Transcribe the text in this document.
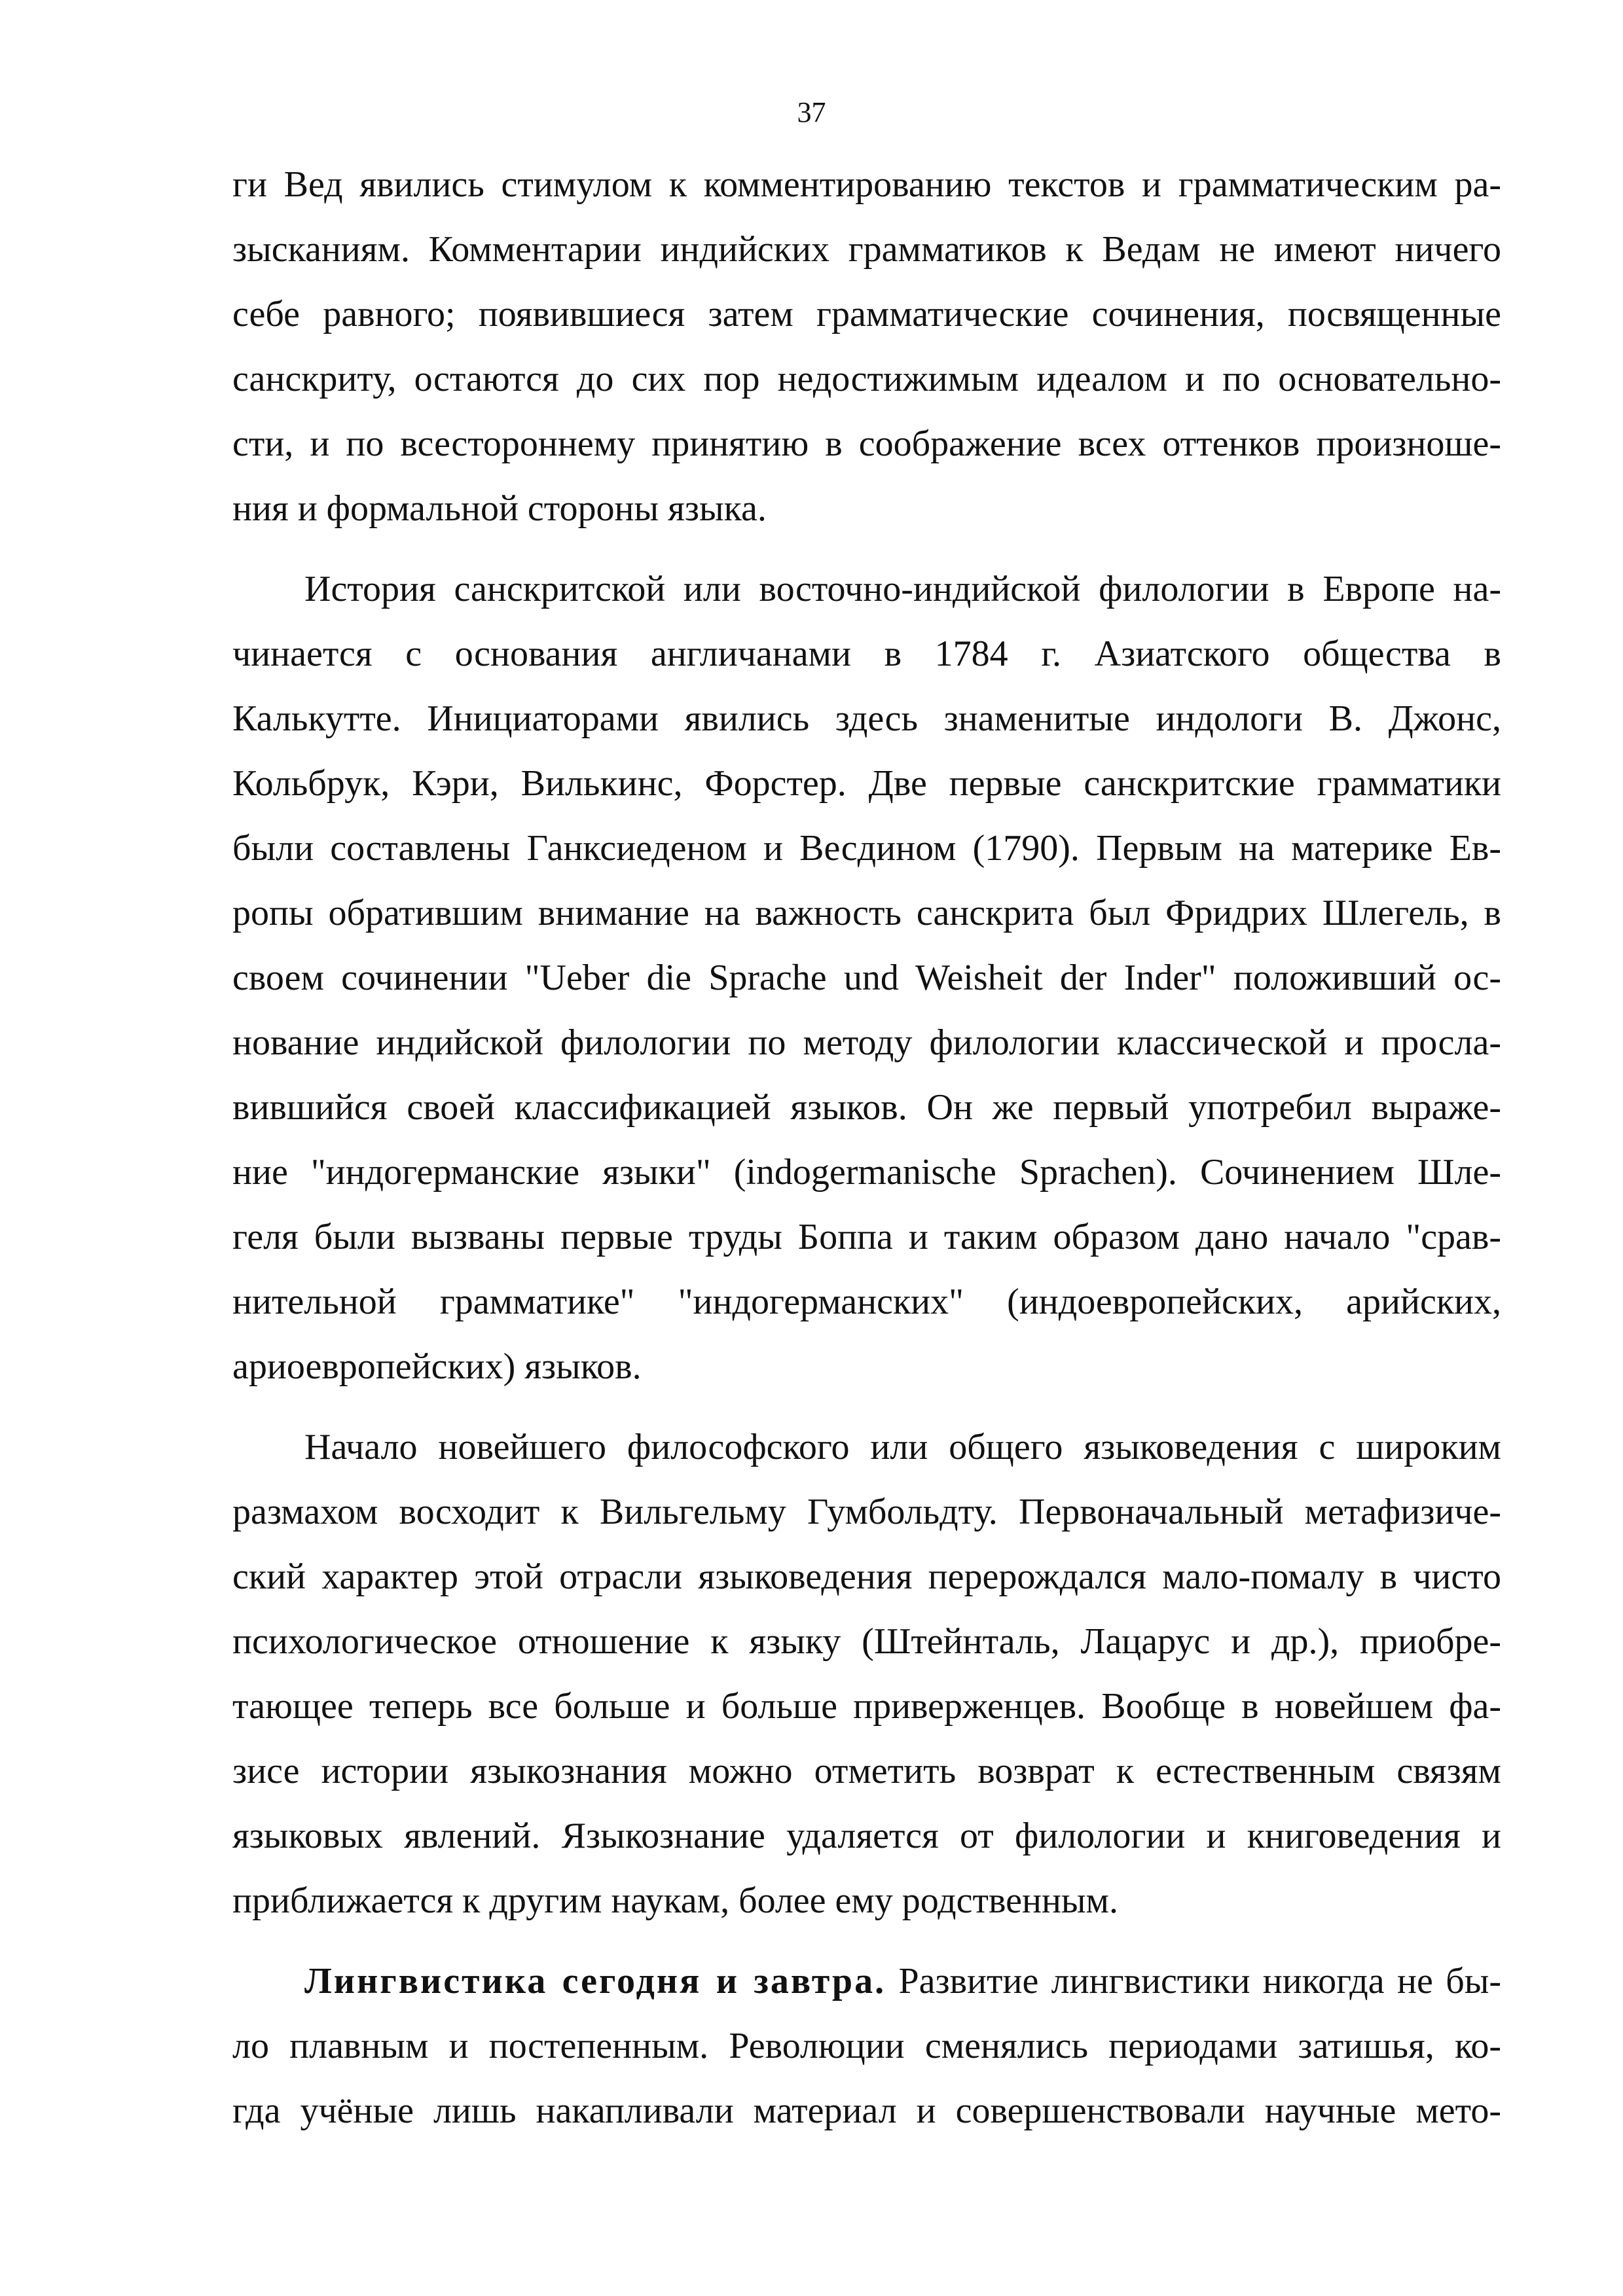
37
ги Вед явились стимулом к комментированию текстов и грамматическим ра-
зысканиям. Комментарии индийских грамматиков к Ведам не имеют ничего
себе равного; появившиеся затем грамматические сочинения, посвященные
санскриту, остаются до сих пор недостижимым идеалом и по основательно-
сти, и по всестороннему принятию в соображение всех оттенков произноше-
ния и формальной стороны языка.
История санскритской или восточно-индийской филологии в Европе на-
чинается с основания англичанами в 1784 г. Азиатского общества в
Калькутте. Инициаторами явились здесь знаменитые индологи В. Джонс,
Кольбрук, Кэри, Вилькинс, Форстер. Две первые санскритские грамматики
были составлены Ганксиеденом и Весдином (1790). Первым на материке Ев-
ропы обратившим внимание на важность санскрита был Фридрих Шлегель, в
своем сочинении "Ueber die Sprache und Weisheit der Inder" положивший ос-
нование индийской филологии по методу филологии классической и просла-
вившийся своей классификацией языков. Он же первый употребил выраже-
ние "индогерманские языки" (indogermanische Sprachen). Сочинением Шле-
геля были вызваны первые труды Боппа и таким образом дано начало "срав-
нительной грамматике" "индогерманских" (индоевропейских, арийских,
ариоевропейских) языков.
Начало новейшего философского или общего языковедения с широким
размахом восходит к Вильгельму Гумбольдту. Первоначальный метафизиче-
ский характер этой отрасли языковедения перерождался мало-помалу в чисто
психологическое отношение к языку (Штейнталь, Лацарус и др.), приобре-
тающее теперь все больше и больше приверженцев. Вообще в новейшем фа-
зисе истории языкознания можно отметить возврат к естественным связям
языковых явлений. Языкознание удаляется от филологии и книговедения и
приближается к другим наукам, более ему родственным.
Лингвистика сегодня и завтра. Развитие лингвистики никогда не бы-
ло плавным и постепенным. Революции сменялись периодами затишья, ко-
гда учёные лишь накапливали материал и совершенствовали научные мето-
